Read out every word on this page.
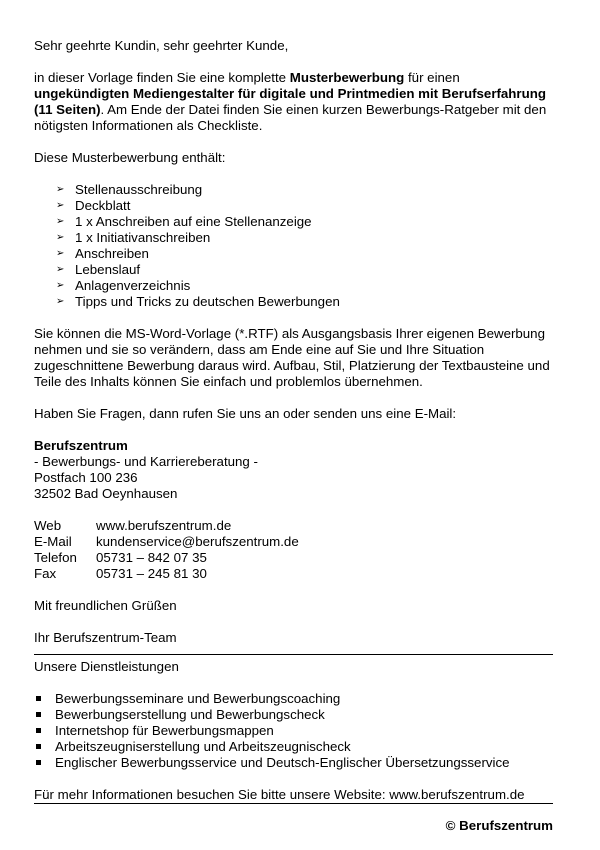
Sehr geehrte Kundin, sehr geehrter Kunde,

in dieser Vorlage finden Sie eine komplette Musterbewerbung für einen ungekündigten Mediengestalter für digitale und Printmedien mit Berufserfahrung (11 Seiten). Am Ende der Datei finden Sie einen kurzen Bewerbungs-Ratgeber mit den nötigsten Informationen als Checkliste.

Diese Musterbewerbung enthält:

➢ Stellenausschreibung
➢ Deckblatt
➢ 1 x Anschreiben auf eine Stellenanzeige
➢ 1 x Initiativanschreiben
➢ Anschreiben
➢ Lebenslauf
➢ Anlagenverzeichnis
➢ Tipps und Tricks zu deutschen Bewerbungen

Sie können die MS-Word-Vorlage (*.RTF) als Ausgangsbasis Ihrer eigenen Bewerbung nehmen und sie so verändern, dass am Ende eine auf Sie und Ihre Situation zugeschnittene Bewerbung daraus wird. Aufbau, Stil, Platzierung der Textbausteine und Teile des Inhalts können Sie einfach und problemlos übernehmen.

Haben Sie Fragen, dann rufen Sie uns an oder senden uns eine E-Mail:

Berufszentrum

- Bewerbungs- und Karriereberatung -

Postfach 100 236

32502 Bad Oeynhausen

Web	www.berufszentrum.de
E-Mail	kundenservice@berufszentrum.de
Telefon	05731 – 842 07 35
Fax	05731 – 245 81 30

Mit freundlichen Grüßen

Ihr Berufszentrum-Team

Unsere Dienstleistungen

Bewerbungsseminare und Bewerbungscoaching
Bewerbungserstellung und Bewerbungscheck
Internetshop für Bewerbungsmappen
Arbeitszeugniserstellung und Arbeitszeugnischeck
Englischer Bewerbungsservice und Deutsch-Englischer Übersetzungsservice

Für mehr Informationen besuchen Sie bitte unsere Website: www.berufszentrum.de

© Berufszentrum
